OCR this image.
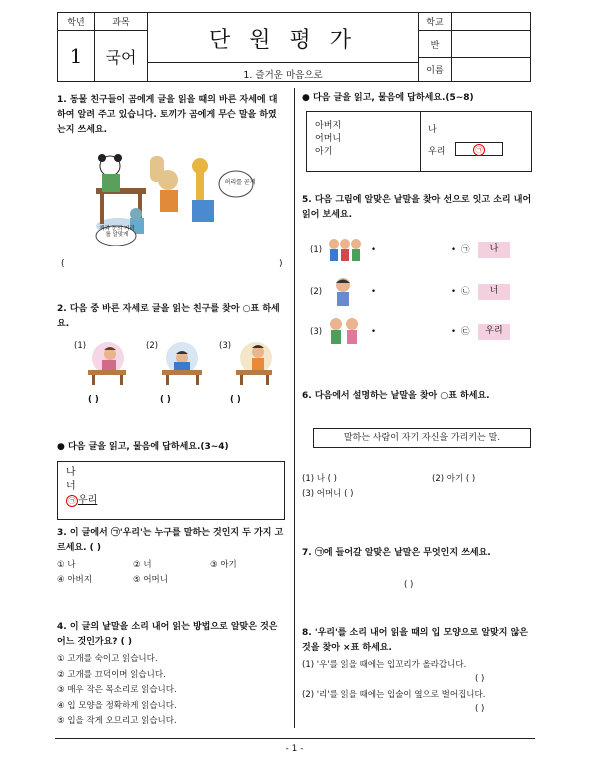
학년	과목	단 원 평 가
1. 즐거운 마음으로	학교	
1	국어		반	
			이름	
1. 동물 친구들이 곰에게 글을 읽을 때의 바른 자세에 대하여 알려 주고 있습니다. 토끼가 곰에게 무슨 말을 하였는지 쓰세요.
허리를 곧게
책과 눈의 거리를 알맞게
(	)
2. 다음 중 바른 자세로 글을 읽는 친구를 찾아 ○표 하세요.
(1)	(2)	(3)
( )	( )	( )
● 다음 글을 읽고, 물음에 답하세요.(3~4)
나
너
㉠ 우리
3. 이 글에서 ㉠'우리'는 누구를 말하는 것인지 두 가지 고르세요. ( )
① 나	② 너	③ 아기
④ 아버지	⑤ 어머니
4. 이 글의 낱말을 소리 내어 읽는 방법으로 알맞은 것은 어느 것인가요? ( )
① 고개를 숙이고 읽습니다.
② 고개를 끄덕이며 읽습니다.
③ 매우 작은 목소리로 읽습니다.
④ 입 모양을 정확하게 읽습니다.
⑤ 입을 작게 오므리고 읽습니다.
● 다음 글을 읽고, 물음에 답하세요.(5~8)
아버지
어머니
아기
나
우리	㉠
5. 다음 그림에 알맞은 낱말을 찾아 선으로 잇고 소리 내어 읽어 보세요.
(1)
(2)
(3)
•
•
•
•
•
•
㉠
㉡
㉢
나
너
우리
6. 다음에서 설명하는 낱말을 찾아 ○표 하세요.
말하는 사람이 자기 자신을 가리키는 말.
(1) 나 ( )	(2) 아기 ( )
(3) 어머니 ( )
7. ㉠에 들어갈 알맞은 낱말은 무엇인지 쓰세요.
( )
8. '우리'를 소리 내어 읽을 때의 입 모양으로 알맞지 않은 것을 찾아 ×표 하세요.
(1) '우'를 읽을 때에는 입꼬리가 올라갑니다.
( )
(2) '리'를 읽을 때에는 입술이 옆으로 벌어집니다.
( )
- 1 -
